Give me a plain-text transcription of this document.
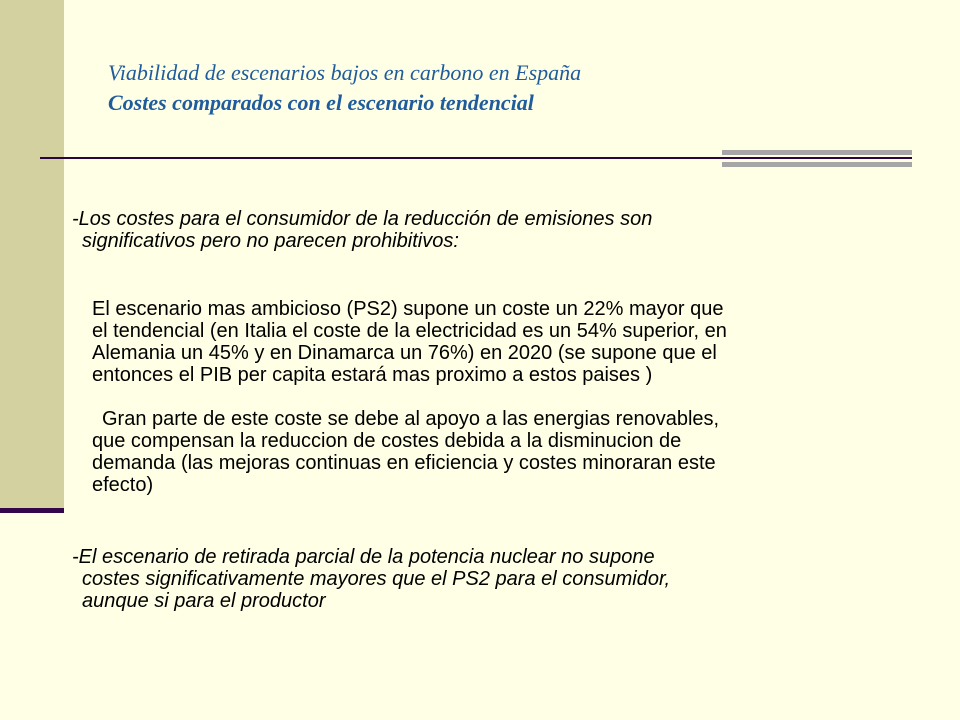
Viabilidad de escenarios bajos en carbono en España
Costes comparados con el escenario tendencial
-Los costes para el consumidor de la reducción de emisiones son
significativos pero no parecen prohibitivos:
El escenario mas ambicioso (PS2) supone un coste un 22% mayor que
el tendencial (en Italia el coste de la electricidad es un 54% superior, en
Alemania un 45% y en Dinamarca un 76%) en 2020 (se supone que el
entonces el PIB per capita estará mas proximo a estos paises )
Gran parte de este coste se debe al apoyo a las energias renovables,
que compensan la reduccion de costes debida a la disminucion de
demanda (las mejoras continuas en eficiencia y costes minoraran este
efecto)
-El escenario de retirada parcial de la potencia nuclear no supone
costes significativamente mayores que el PS2 para el consumidor,
aunque si para el productor
